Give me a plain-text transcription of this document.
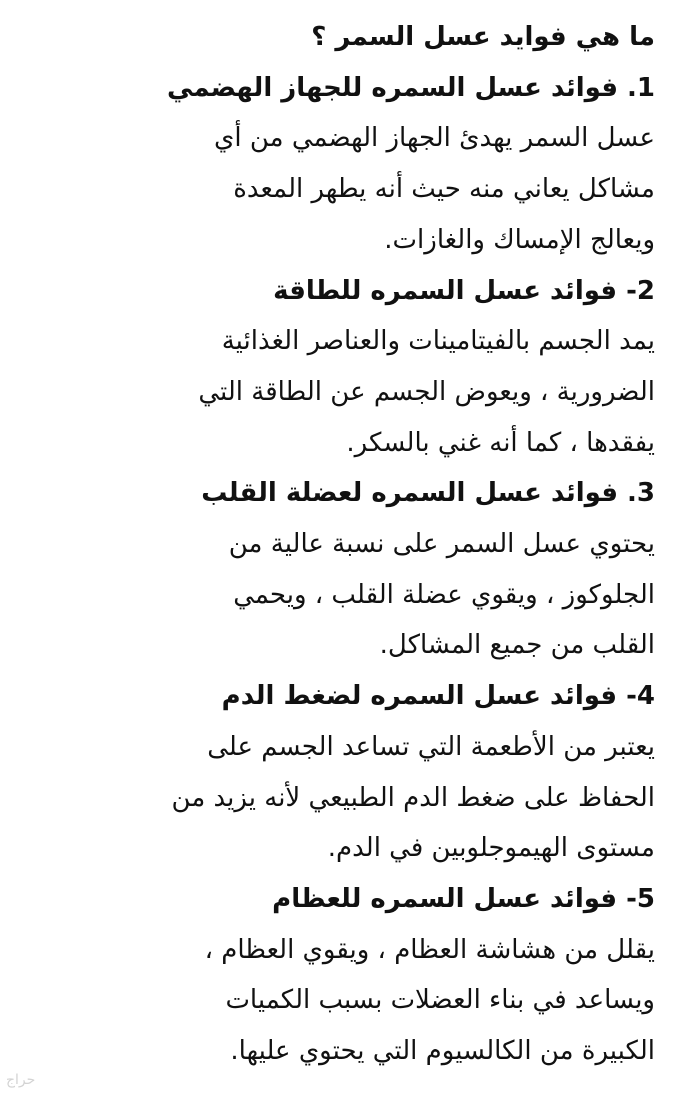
ما هي فوايد عسل السمر ؟
1. فوائد عسل السمره للجهاز الهضمي
عسل السمر يهدئ الجهاز الهضمي من أي
مشاكل يعاني منه حيث أنه يطهر المعدة
ويعالج الإمساك والغازات.
2- فوائد عسل السمره للطاقة
يمد الجسم بالفيتامينات والعناصر الغذائية
الضرورية ، ويعوض الجسم عن الطاقة التي
يفقدها ، كما أنه غني بالسكر.
3. فوائد عسل السمره لعضلة القلب
يحتوي عسل السمر على نسبة عالية من
الجلوكوز ، ويقوي عضلة القلب ، ويحمي
القلب من جميع المشاكل.
4- فوائد عسل السمره لضغط الدم
يعتبر من الأطعمة التي تساعد الجسم على
الحفاظ على ضغط الدم الطبيعي لأنه يزيد من
مستوى الهيموجلوبين في الدم.
5- فوائد عسل السمره للعظام
يقلل من هشاشة العظام ، ويقوي العظام ،
ويساعد في بناء العضلات بسبب الكميات
الكبيرة من الكالسيوم التي يحتوي عليها.
حراج
